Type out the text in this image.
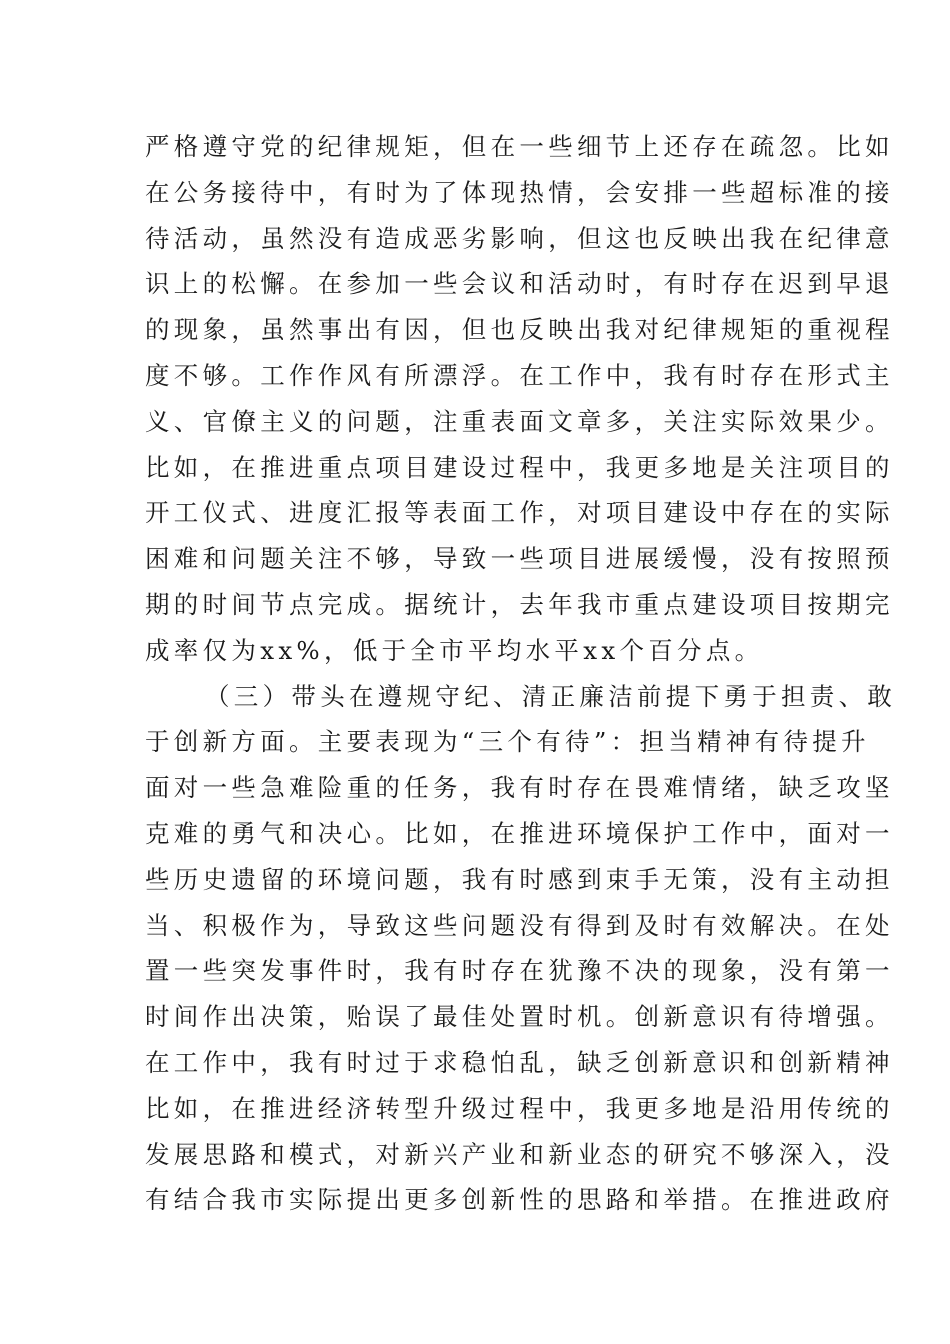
严格遵守党的纪律规矩，但在一些细节上还存在疏忽。比如
在公务接待中，有时为了体现热情，会安排一些超标准的接
待活动，虽然没有造成恶劣影响，但这也反映出我在纪律意
识上的松懈。在参加一些会议和活动时，有时存在迟到早退
的现象，虽然事出有因，但也反映出我对纪律规矩的重视程
度不够。工作作风有所漂浮。在工作中，我有时存在形式主
义、官僚主义的问题，注重表面文章多，关注实际效果少。
比如，在推进重点项目建设过程中，我更多地是关注项目的
开工仪式、进度汇报等表面工作，对项目建设中存在的实际
困难和问题关注不够，导致一些项目进展缓慢，没有按照预
期的时间节点完成。据统计，去年我市重点建设项目按期完
成率仅为xx%，低于全市平均水平xx个百分点。
（三）带头在遵规守纪、清正廉洁前提下勇于担责、敢
于创新方面。主要表现为“三个有待”：担当精神有待提升
面对一些急难险重的任务，我有时存在畏难情绪，缺乏攻坚
克难的勇气和决心。比如，在推进环境保护工作中，面对一
些历史遗留的环境问题，我有时感到束手无策，没有主动担
当、积极作为，导致这些问题没有得到及时有效解决。在处
置一些突发事件时，我有时存在犹豫不决的现象，没有第一
时间作出决策，贻误了最佳处置时机。创新意识有待增强。
在工作中，我有时过于求稳怕乱，缺乏创新意识和创新精神
比如，在推进经济转型升级过程中，我更多地是沿用传统的
发展思路和模式，对新兴产业和新业态的研究不够深入，没
有结合我市实际提出更多创新性的思路和举措。在推进政府
